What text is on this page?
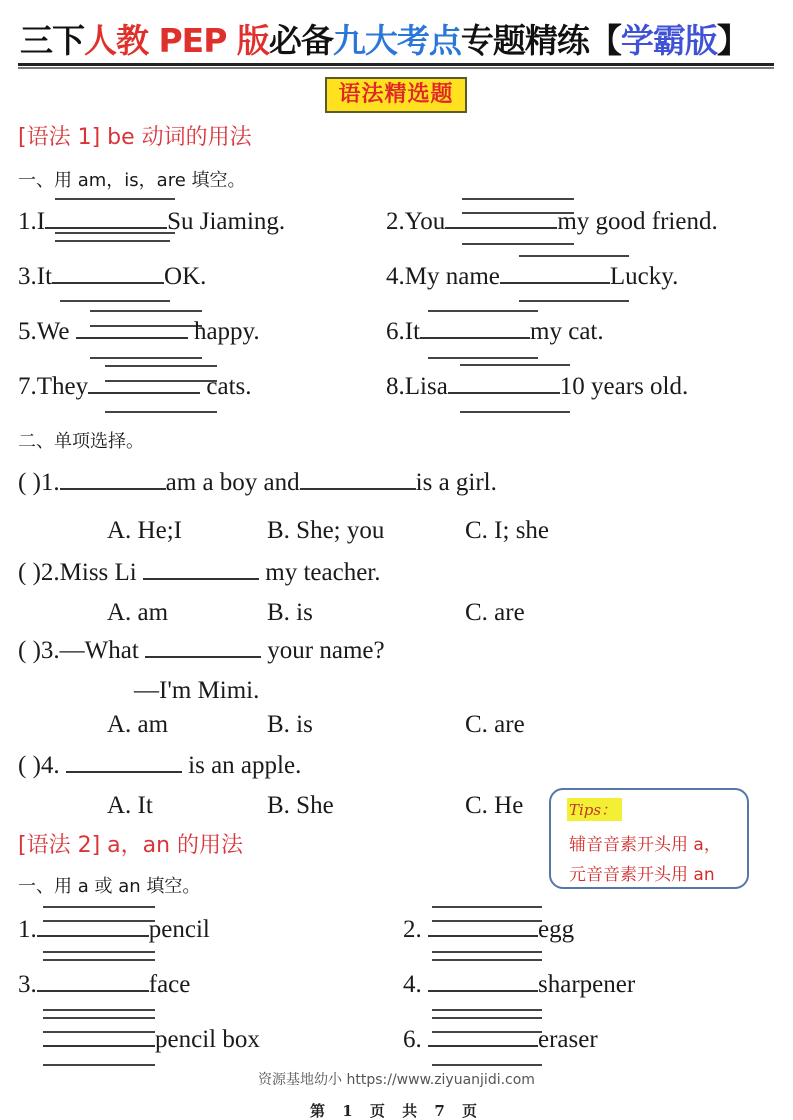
三下人教 PEP 版必备九大考点专题精练【学霸版】
语法精选题
[语法 1] be 动词的用法
一、用 am，is，are 填空。
1.I	Su Jiaming.	2.You	my good friend.
3.It	OK.	4.My name	Lucky.
5.We	happy.	6.It	my cat.
7.They	cats.	8.Lisa	10 years old.
二、单项选择。
( )1.	am a boy and	is a girl.
A. He;I	B. She; you	C. I; she
( )2.Miss Li	my teacher.
A. am	B. is	C. are
( )3.—What	your name?
—I'm Mimi.
A. am	B. is	C. are
( )4.	is an apple.
A. It	B. She	C. He	Tips：
辅音音素开头用 a，
元音音素开头用 an
[语法 2] a，an 的用法
一、用 a 或 an 填空。
1.	pencil	2.	egg
3.	face	4.	sharpener
pencil box	6.	eraser
资源基地幼小 https://www.ziyuanjidi.com
第 1 页 共 7 页
